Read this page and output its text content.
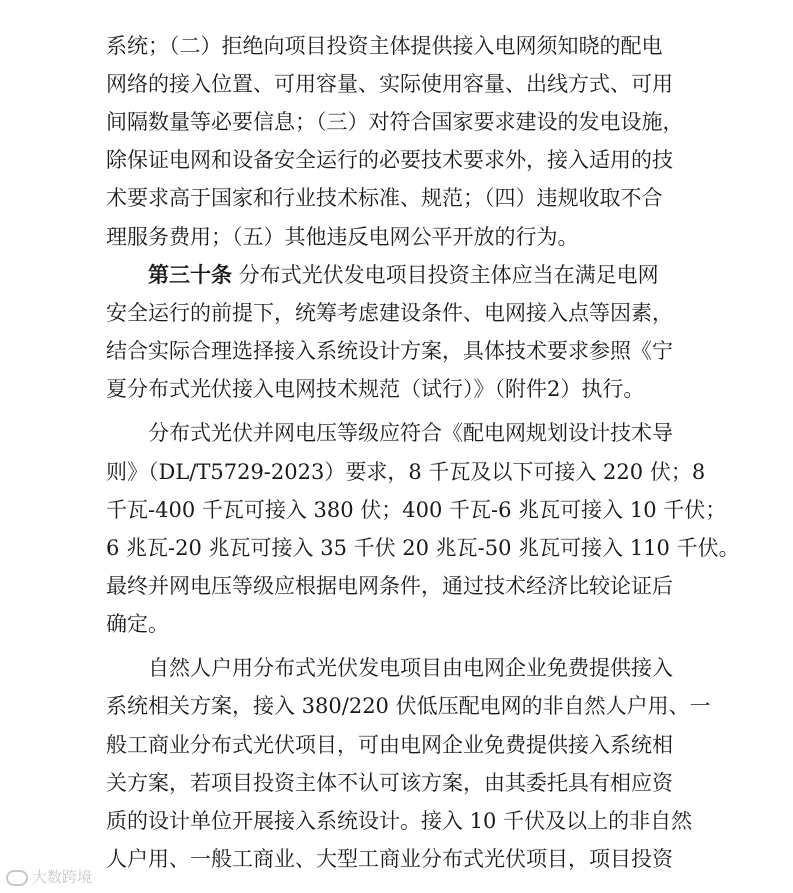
系统；（二）拒绝向项目投资主体提供接入电网须知晓的配电
网络的接入位置、可用容量、实际使用容量、出线方式、可用
间隔数量等必要信息；（三）对符合国家要求建设的发电设施，
除保证电网和设备安全运行的必要技术要求外，接入适用的技
术要求高于国家和行业技术标准、规范；（四）违规收取不合
理服务费用；（五）其他违反电网公平开放的行为。
第三十条 分布式光伏发电项目投资主体应当在满足电网
安全运行的前提下，统筹考虑建设条件、电网接入点等因素，
结合实际合理选择接入系统设计方案，具体技术要求参照《宁
夏分布式光伏接入电网技术规范（试行）》（附件2）执行。
分布式光伏并网电压等级应符合《配电网规划设计技术导
则》（DL/T5729-2023）要求，8 千瓦及以下可接入 220 伏；8
千瓦-400 千瓦可接入 380 伏；400 千瓦-6 兆瓦可接入 10 千伏；
6 兆瓦-20 兆瓦可接入 35 千伏 20 兆瓦-50 兆瓦可接入 110 千伏。
最终并网电压等级应根据电网条件，通过技术经济比较论证后
确定。
自然人户用分布式光伏发电项目由电网企业免费提供接入
系统相关方案，接入 380/220 伏低压配电网的非自然人户用、一
般工商业分布式光伏项目，可由电网企业免费提供接入系统相
关方案，若项目投资主体不认可该方案，由其委托具有相应资
质的设计单位开展接入系统设计。接入 10 千伏及以上的非自然
人户用、一般工商业、大型工商业分布式光伏项目，项目投资
大数跨境
